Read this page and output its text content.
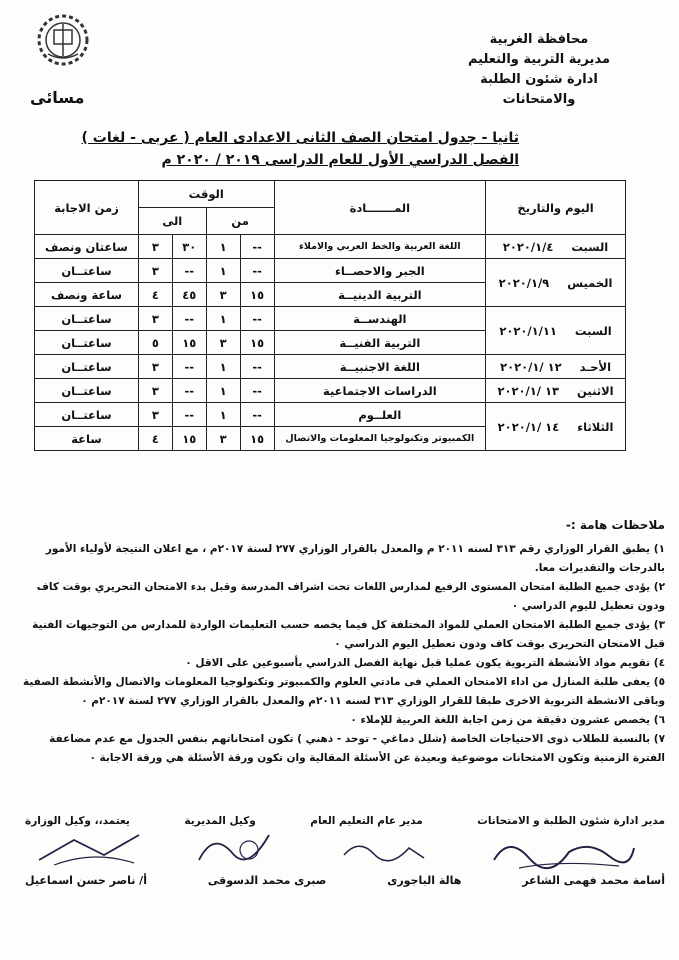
محافظة الغربية
مديرية التربية والتعليم
ادارة شئون الطلبة والامتحانات
مسائى
ثانيا - جدول امتحان الصف الثانى الاعدادى العام ( عربى - لغات )
الفصل الدراسي الأول للعام الدراسى ٢٠١٩ / ٢٠٢٠ م
اليوم والتاريخ	المـــــــادة	الوقت				زمن الاجابة
		من		الى		
السبت٢٠٢٠/١/٤	اللغة العربية والخط العربي والاملاء	--	١	٣٠	٣	ساعتان ونصف
الخميس٢٠٢٠/١/٩	الجبر والاحصــاء	--	١	--	٣	ساعتــان
	التربية الدينيــة	١٥	٣	٤٥	٤	ساعة ونصف
السبت٢٠٢٠/١/١١	الهندســة	--	١	--	٣	ساعتــان
	التربية الفنيــة	١٥	٣	١٥	٥	ساعتــان
الأحـد١٢ /٢٠٢٠/١	اللغة الاجنبيــة	--	١	--	٣	ساعتــان
الاثنين١٣ /٢٠٢٠/١	الدراسات الاجتماعية	--	١	--	٣	ساعتــان
الثلاثاء١٤ /٢٠٢٠/١	العلــوم	--	١	--	٣	ساعتــان
	الكمبيوتر وتكنولوجيا المعلومات والاتصال	١٥	٣	١٥	٤	ساعة
ملاحظات هامة :-

١) يطبق القرار الوزاري رقم ٣١٣ لسنه ٢٠١١ م والمعدل بالقرار الوزاري ٢٧٧ لسنة ٢٠١٧م ، مع اعلان النتيجة لأولياء الأمور بالدرجات والتقديرات معا.

٢) يؤدى جميع الطلبة امتحان المستوى الرفيع لمدارس اللغات تحت اشراف المدرسة وقبل بدء الامتحان التحريري بوقت كاف ودون تعطيل لليوم الدراسي ٠

٣) يؤدى جميع الطلبة الامتحان العملي للمواد المختلفة كل فيما يخصه حسب التعليمات الواردة للمدارس من التوجيهات الفنية قبل الامتحان التحريرى بوقت كاف ودون تعطيل اليوم الدراسي ٠

٤) تقويم مواد الأنشطة التربوية يكون عمليا قبل نهاية الفصل الدراسي بأسبوعين على الاقل ٠

٥) يعفى طلبة المنازل من اداء الامتحان العملي فى مادتي العلوم والكمبيوتر وتكنولوجيا المعلومات والاتصال والأنشطة الصفية وباقى الانشطة التربوية الاخرى طبقا للقرار الوزاري ٣١٣ لسنه ٢٠١١م والمعدل بالقرار الوزاري ٢٧٧ لسنة ٢٠١٧م ٠

٦) يخصص عشرون دقيقة من زمن اجابة اللغة العربية للإملاء ٠

٧) بالنسبة للطلاب ذوى الاحتياجات الخاصة (شلل دماغي - توحد - ذهني ) تكون امتحاناتهم بنفس الجدول مع عدم مضاعفة الفترة الزمنية وتكون الامتحانات موضوعية وبعيدة عن الأسئلة المقالية وان تكون ورقة الأسئلة هي ورقة الاجابة ٠

مدير ادارة شئون الطلبة و الامتحانات
مدير عام التعليم العام
وكيل المديرية
يعتمد،، وكيل الوزارة
أسامة محمد فهمى الشاعر
هالة الباجورى
صبرى محمد الدسوقى
أ/ ناصر حسن اسماعيل
